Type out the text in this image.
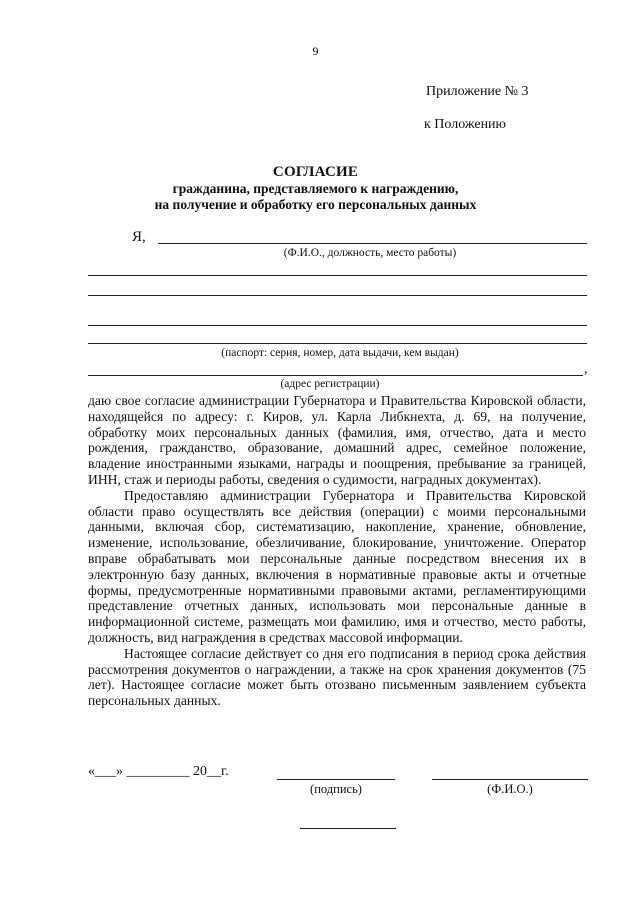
9
Приложение № 3
к Положению
СОГЛАСИЕ
гражданина, представляемого к награждению,
на получение и обработку его персональных данных
Я,
(Ф.И.О., должность, место работы)
(паспорт: серия, номер, дата выдачи, кем выдан)
,
(адрес регистрации)

даю свое согласие администрации Губернатора и Правительства Кировской области, находящейся по адресу: г. Киров, ул. Карла Либкнехта, д. 69, на получение, обработку моих персональных данных (фамилия, имя, отчество, дата и место рождения, гражданство, образование, домашний адрес, семейное положение, владение иностранными языками, награды и поощрения, пребывание за границей, ИНН, стаж и периоды работы, сведения о судимости, наградных документах).

Предоставляю администрации Губернатора и Правительства Кировской области право осуществлять все действия (операции) с моими персональными данными, включая сбор, систематизацию, накопление, хранение, обновление, изменение, использование, обезличивание, блокирование, уничтожение. Оператор вправе обрабатывать мои персональные данные посредством внесения их в электронную базу данных, включения в нормативные правовые акты и отчетные формы, предусмотренные нормативными правовыми актами, регламентирующими представление отчетных данных, использовать мои персональные данные в информационной системе, размещать мои фамилию, имя и отчество, место работы, должность, вид награждения в средствах массовой информации.

Настоящее согласие действует со дня его подписания в период срока действия рассмотрения документов о награждении, а также на срок хранения документов (75 лет). Настоящее согласие может быть отозвано письменным заявлением субъекта персональных данных.

«___» _________ 20__г.
(подпись)	(Ф.И.О.)
